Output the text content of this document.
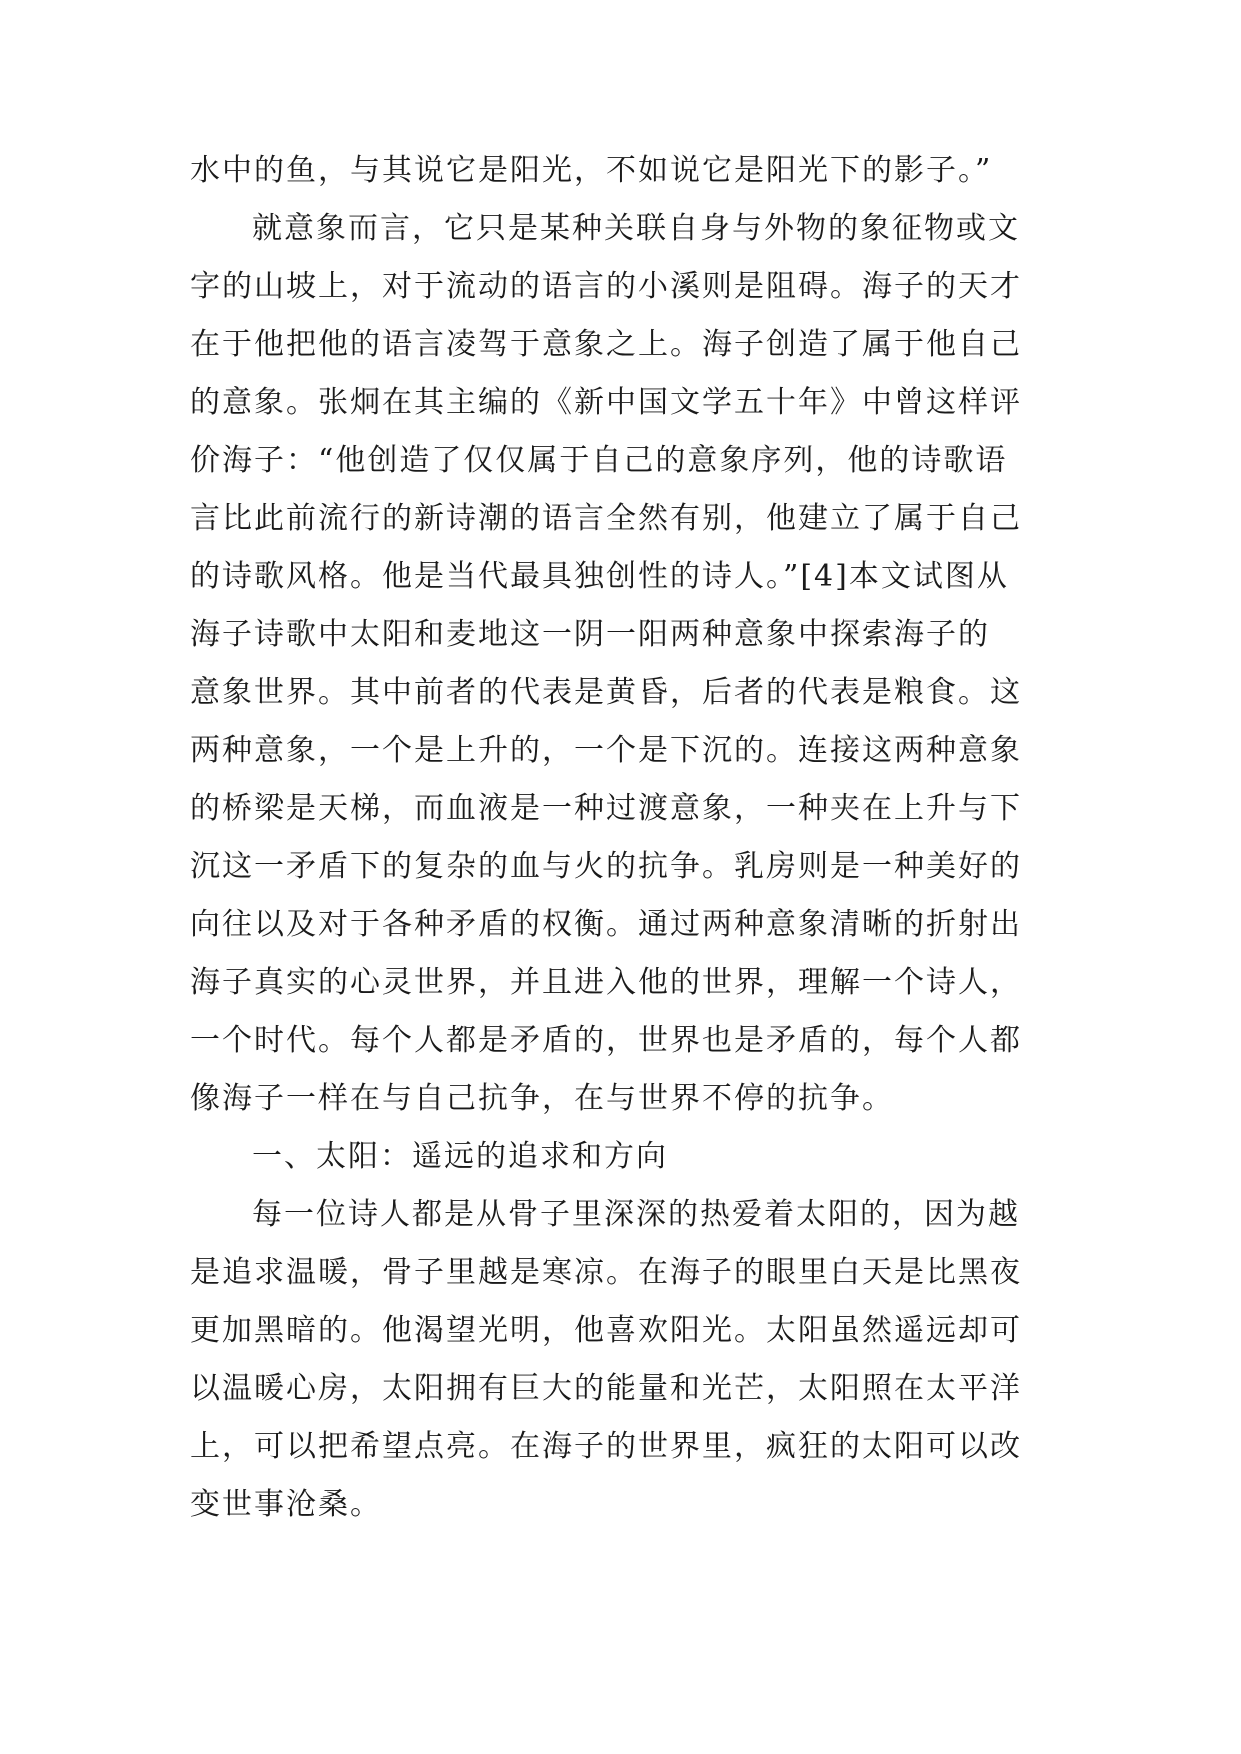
水中的鱼，与其说它是阳光，不如说它是阳光下的影子。”
就意象而言，它只是某种关联自身与外物的象征物或文
字的山坡上，对于流动的语言的小溪则是阻碍。海子的天才
在于他把他的语言凌驾于意象之上。海子创造了属于他自己
的意象。张炯在其主编的《新中国文学五十年》中曾这样评
价海子：“他创造了仅仅属于自己的意象序列，他的诗歌语
言比此前流行的新诗潮的语言全然有别，他建立了属于自己
的诗歌风格。他是当代最具独创性的诗人。”[4]本文试图从
海子诗歌中太阳和麦地这一阴一阳两种意象中探索海子的
意象世界。其中前者的代表是黄昏，后者的代表是粮食。这
两种意象，一个是上升的，一个是下沉的。连接这两种意象
的桥梁是天梯，而血液是一种过渡意象，一种夹在上升与下
沉这一矛盾下的复杂的血与火的抗争。乳房则是一种美好的
向往以及对于各种矛盾的权衡。通过两种意象清晰的折射出
海子真实的心灵世界，并且进入他的世界，理解一个诗人，
一个时代。每个人都是矛盾的，世界也是矛盾的，每个人都
像海子一样在与自己抗争，在与世界不停的抗争。
一、太阳：遥远的追求和方向
每一位诗人都是从骨子里深深的热爱着太阳的，因为越
是追求温暖，骨子里越是寒凉。在海子的眼里白天是比黑夜
更加黑暗的。他渴望光明，他喜欢阳光。太阳虽然遥远却可
以温暖心房，太阳拥有巨大的能量和光芒，太阳照在太平洋
上，可以把希望点亮。在海子的世界里，疯狂的太阳可以改
变世事沧桑。
